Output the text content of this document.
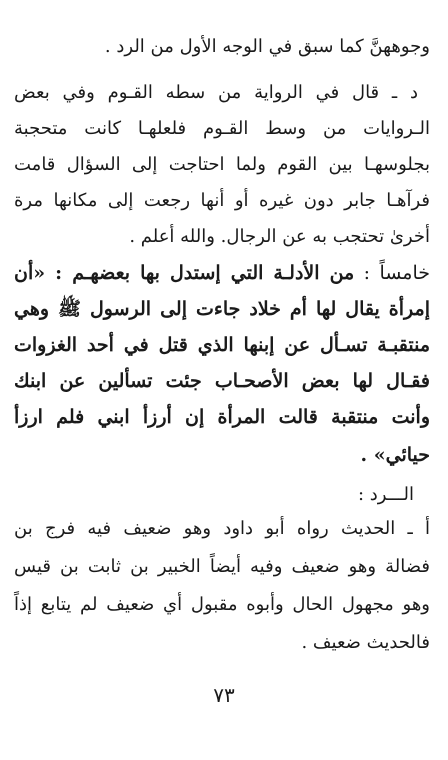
وجوههنَّ كما سبق في الوجه الأول من الرد .
د ـ قال في الرواية من سطه القـوم وفي بعض
الـروايات من وسط القـوم فلعلهـا كانت متحجبة
بجلوسهـا بين القوم ولما احتاجت إلى السؤال قامت
فرآهـا جابر دون غيره أو أنها رجعت إلى مكانها مرة
أخرىٰ تحتجب به عن الرجال. والله أعلم .
خامساً : من الأدلـة التي إستدل بها بعضهـم : «أن
إمرأة يقال لها أم خلاد جاءت إلى الرسول ﷺ وهي
منتقبـة تسـأل عن إبنها الذي قتل في أحد الغزوات
فقـال لها بعض الأصحـاب جئت تسألين عن ابنك
وأنت منتقبة قالت المرأة إن أرزأ ابني فلم ارزأ
حيائي» .
الـــرد :
أ ـ الحديث رواه أبو داود وهو ضعيف فيه فرج بن
فضالة وهو ضعيف وفيه أيضاً الخبير بن ثابت بن قيس
وهو مجهول الحال وأبوه مقبول أي ضعيف لم يتابع إذاً
فالحديث ضعيف .
٧٣
